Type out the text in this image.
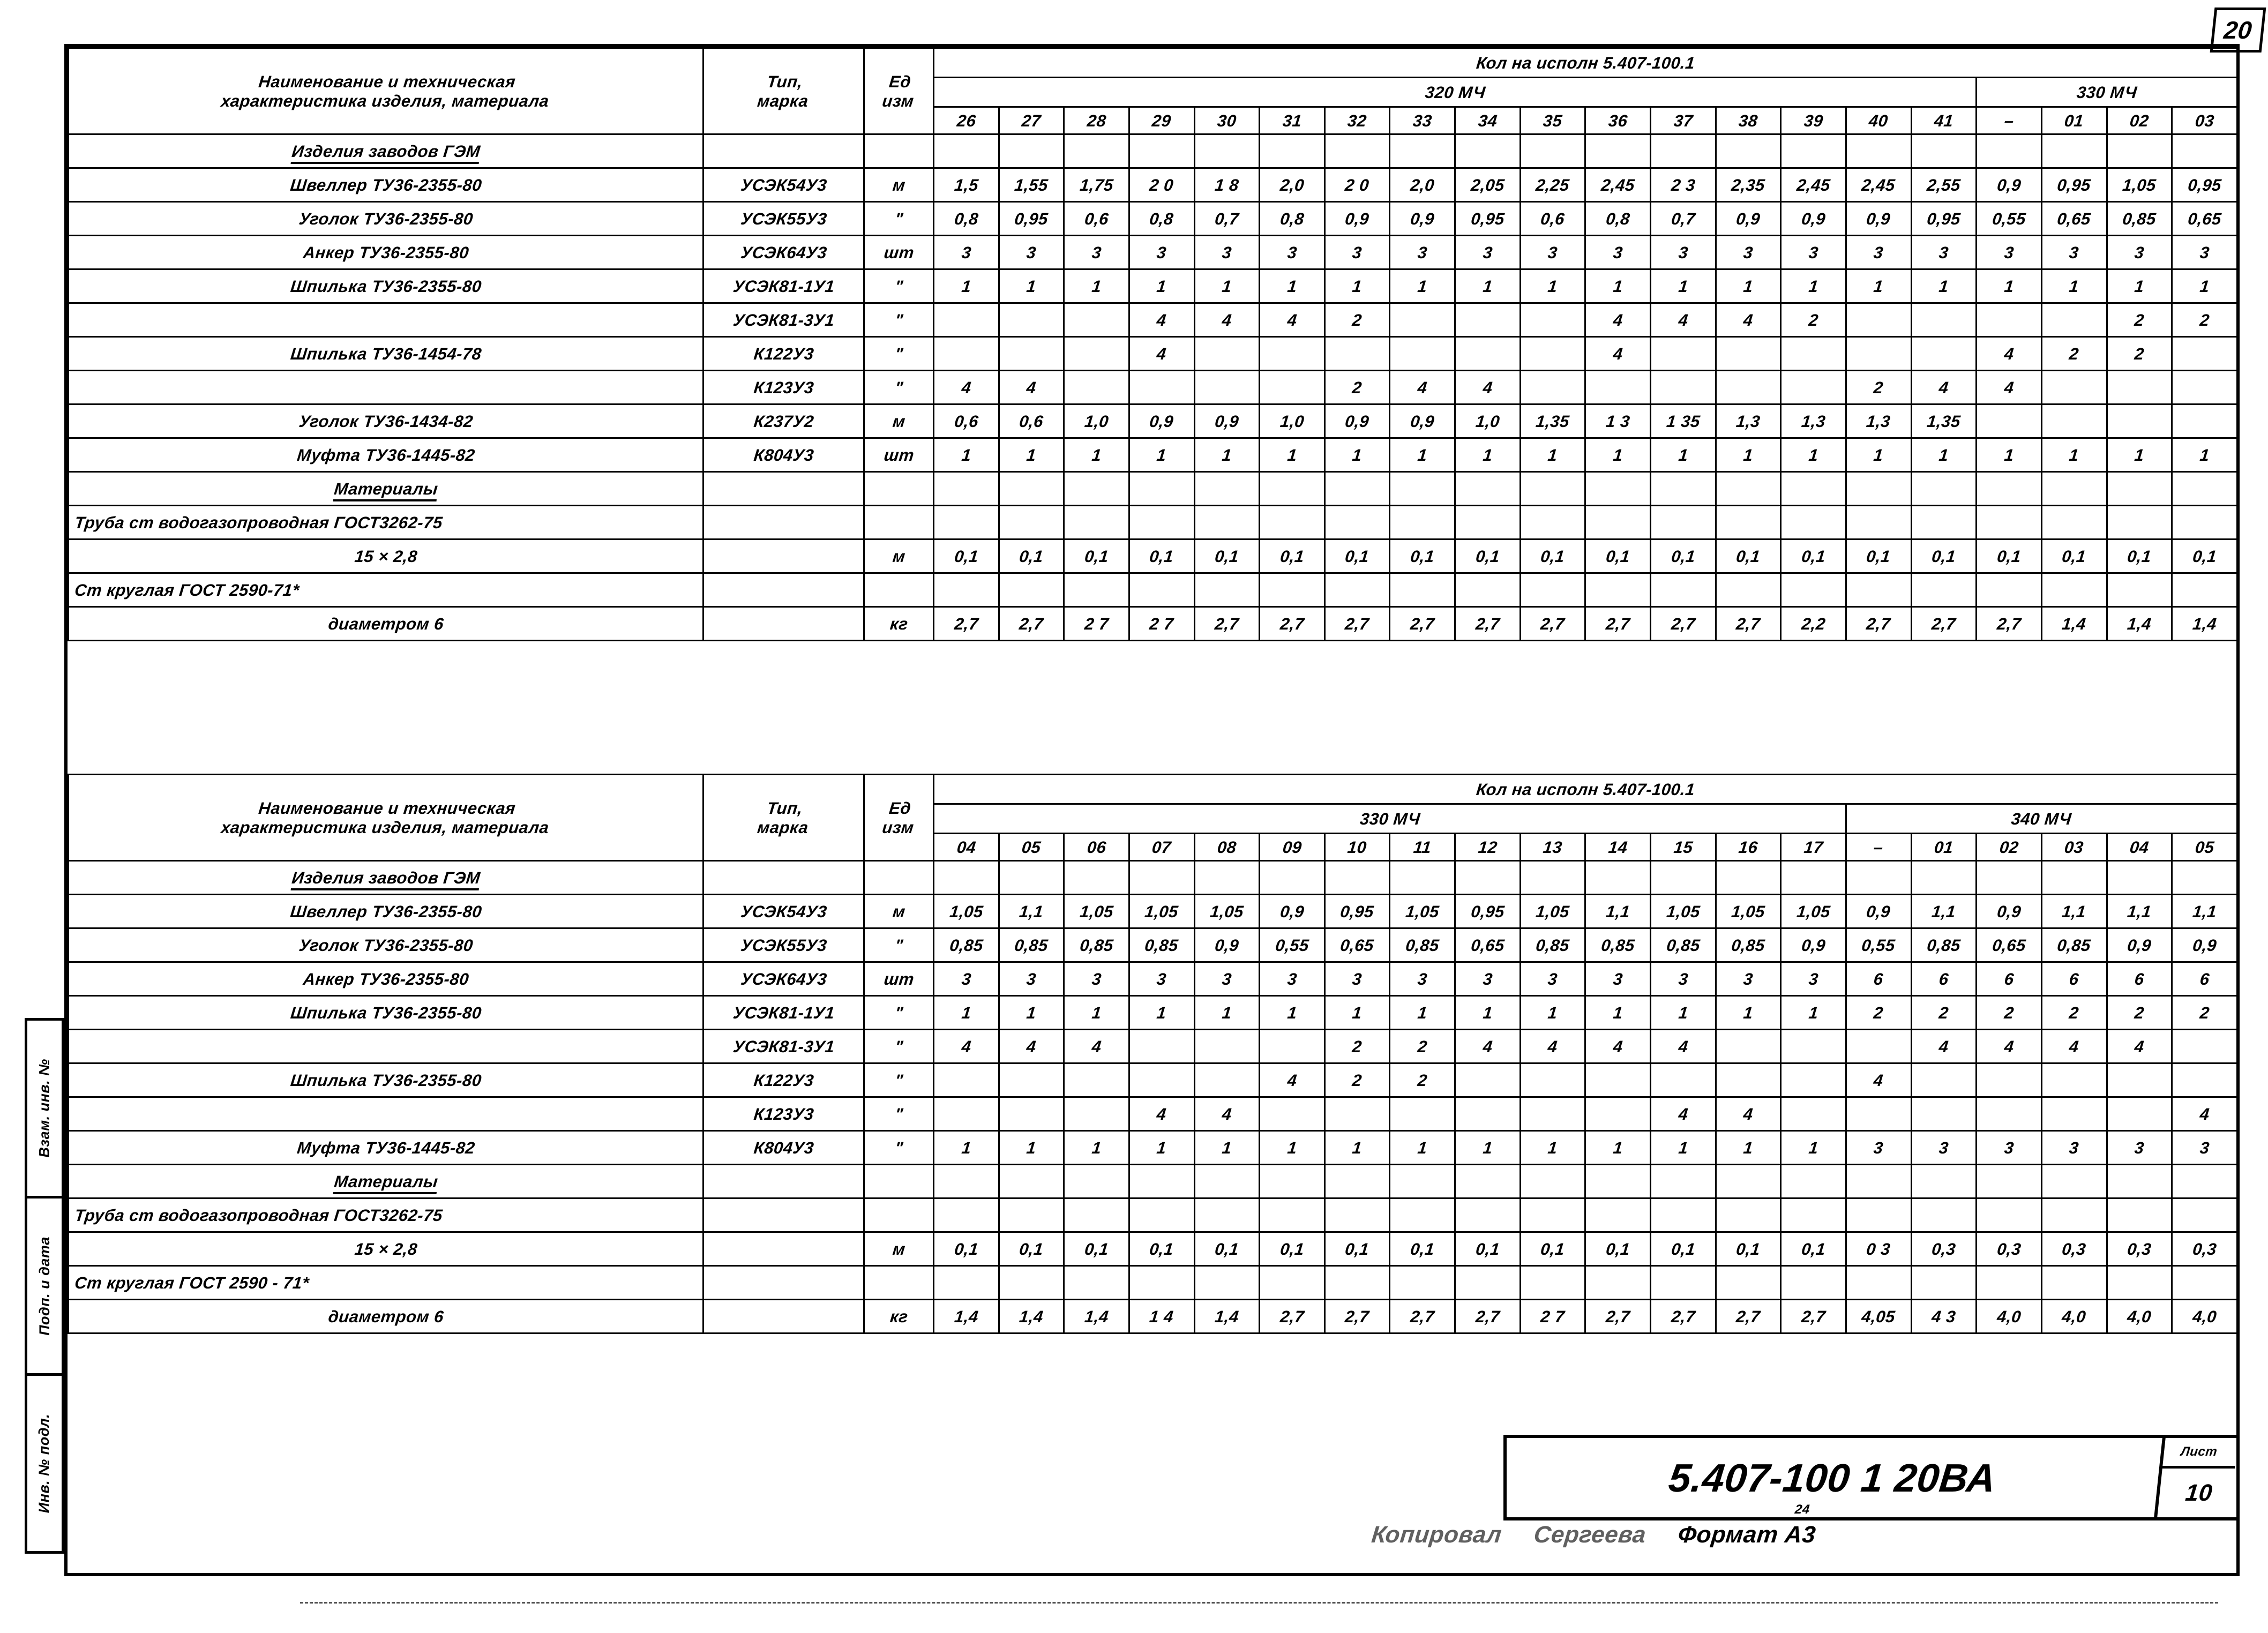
20
Взам. инв. №
Подп. и дата
Инв. № подл.
Наименование и техническая
характеристика изделия, материала

Тип,
марка

Ед
изм
	Кол на исполн 5.407-100.1
			320 МЧ																330 МЧ			
			26	27	28	29	30	31	32	33	34	35	36	37	38	39	40	41	–	01	02	03
Изделия заводов ГЭМ																						
Швеллер ТУ36-2355-80	УСЭК54У3	м	1,5	1,55	1,75	2 0	1 8	2,0	2 0	2,0	2,05	2,25	2,45	2 3	2,35	2,45	2,45	2,55	0,9	0,95	1,05	0,95
Уголок ТУ36-2355-80	УСЭК55У3	"	0,8	0,95	0,6	0,8	0,7	0,8	0,9	0,9	0,95	0,6	0,8	0,7	0,9	0,9	0,9	0,95	0,55	0,65	0,85	0,65
Анкер ТУ36-2355-80	УСЭК64У3	шт	3	3	3	3	3	3	3	3	3	3	3	3	3	3	3	3	3	3	3	3
Шпилька ТУ36-2355-80	УСЭК81-1У1	"	1	1	1	1	1	1	1	1	1	1	1	1	1	1	1	1	1	1	1	1
	УСЭК81-3У1	"				4	4	4	2				4	4	4	2					2	2
Шпилька ТУ36-1454-78	К122У3	"				4							4						4	2	2	
	К123У3	"	4	4					2	4	4						2	4	4			
Уголок ТУ36-1434-82	К237У2	м	0,6	0,6	1,0	0,9	0,9	1,0	0,9	0,9	1,0	1,35	1 3	1 35	1,3	1,3	1,3	1,35				
Муфта ТУ36-1445-82	К804У3	шт	1	1	1	1	1	1	1	1	1	1	1	1	1	1	1	1	1	1	1	1
Материалы																						
Труба ст водогазопроводная ГОСТ3262-75																						
15 × 2,8		м	0,1	0,1	0,1	0,1	0,1	0,1	0,1	0,1	0,1	0,1	0,1	0,1	0,1	0,1	0,1	0,1	0,1	0,1	0,1	0,1
Ст круглая ГОСТ 2590-71*																						
диаметром 6		кг	2,7	2,7	2 7	2 7	2,7	2,7	2,7	2,7	2,7	2,7	2,7	2,7	2,7	2,2	2,7	2,7	2,7	1,4	1,4	1,4
Наименование и техническая
характеристика изделия, материала

Тип,
марка

Ед
изм
	Кол на исполн 5.407-100.1
			330 МЧ														340 МЧ					
			04	05	06	07	08	09	10	11	12	13	14	15	16	17	–	01	02	03	04	05
Изделия заводов ГЭМ																						
Швеллер ТУ36-2355-80	УСЭК54У3	м	1,05	1,1	1,05	1,05	1,05	0,9	0,95	1,05	0,95	1,05	1,1	1,05	1,05	1,05	0,9	1,1	0,9	1,1	1,1	1,1
Уголок ТУ36-2355-80	УСЭК55У3	"	0,85	0,85	0,85	0,85	0,9	0,55	0,65	0,85	0,65	0,85	0,85	0,85	0,85	0,9	0,55	0,85	0,65	0,85	0,9	0,9
Анкер ТУ36-2355-80	УСЭК64У3	шт	3	3	3	3	3	3	3	3	3	3	3	3	3	3	6	6	6	6	6	6
Шпилька ТУ36-2355-80	УСЭК81-1У1	"	1	1	1	1	1	1	1	1	1	1	1	1	1	1	2	2	2	2	2	2
	УСЭК81-3У1	"	4	4	4				2	2	4	4	4	4				4	4	4	4	
Шпилька ТУ36-2355-80	К122У3	"						4	2	2							4					
	К123У3	"				4	4							4	4							4
Муфта ТУ36-1445-82	К804У3	"	1	1	1	1	1	1	1	1	1	1	1	1	1	1	3	3	3	3	3	3
Материалы																						
Труба ст водогазопроводная ГОСТ3262-75																						
15 × 2,8		м	0,1	0,1	0,1	0,1	0,1	0,1	0,1	0,1	0,1	0,1	0,1	0,1	0,1	0,1	0 3	0,3	0,3	0,3	0,3	0,3
Ст круглая ГОСТ 2590 - 71*																						
диаметром 6		кг	1,4	1,4	1,4	1 4	1,4	2,7	2,7	2,7	2,7	2 7	2,7	2,7	2,7	2,7	4,05	4 3	4,0	4,0	4,0	4,0
5.407-100 1 20ВА
Лист
10
Копировал Сергеева Формат А3
24
